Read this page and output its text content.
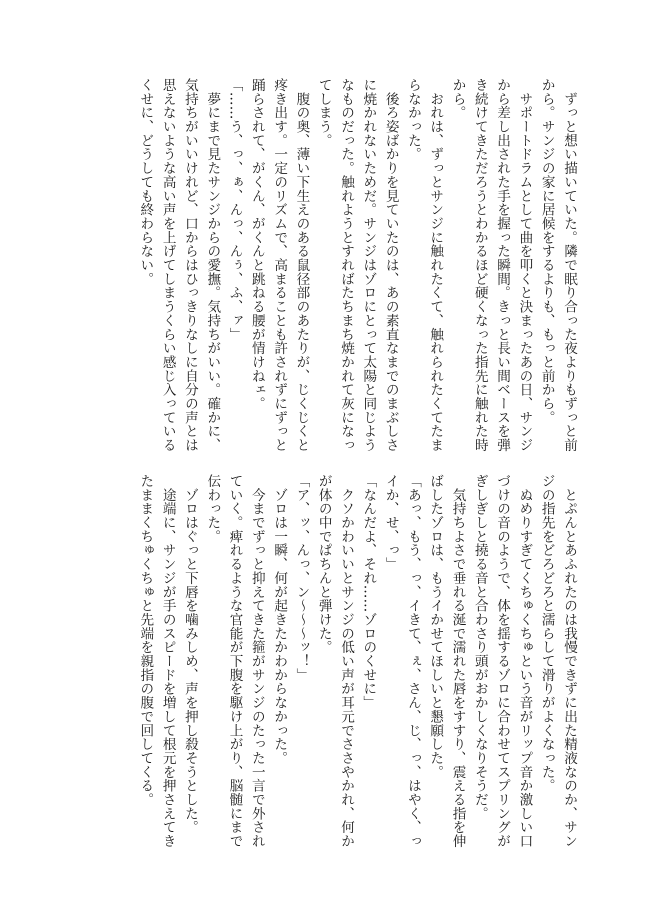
　ずっと想い描いていた。隣で眠り合った夜よりもずっと前
から。サンジの家に居候をするよりも、もっと前から。
　サポートドラムとして曲を叩くと決まったあの日、サンジ
から差し出された手を握った瞬間。きっと長い間ベースを弾
き続けてきただろうとわかるほど硬くなった指先に触れた時
から。
　おれは、ずっとサンジに触れたくて、触れられたくてたま
らなかった。
　後ろ姿ばかりを見ていたのは、あの素直なまでのまぶしさ
に焼かれないためだ。サンジはゾロにとって太陽と同じよう
なものだった。触れようとすればたちまち焼かれて灰になっ
てしまう。
　腹の奥、薄い下生えのある鼠径部のあたりが、じくじくと
疼き出す。一定のリズムで、高まることも許されずにずっと
踊らされて、がくん、がくんと跳ねる腰が情けねェ。
「……う、っ、ぁ、んっ、んぅ、ふ、ァ」
　夢にまで見たサンジからの愛撫。気持ちがいい。確かに、
気持ちがいいけれど、口からはひっきりなしに自分の声とは
思えないような高い声を上げてしまうくらい感じ入っている
くせに、どうしても終わらない。
　とぷんとあふれたのは我慢できずに出た精液なのか、サン
ジの指先をどろどろと濡らして滑りがよくなった。
　ぬめりすぎてくちゅくちゅという音がリップ音か激しい口
づけの音のようで、体を揺するゾロに合わせてスプリングが
ぎしぎしと撓る音と合わさり頭がおかしくなりそうだ。
　気持ちよさで垂れる涎で濡れた唇をすすり、震える指を伸
ばしたゾロは、もうイかせてほしいと懇願した。
「あっ、もう、っ、イきて、ぇ、さん、じ、っ、はやく、っ
イか、せ、っ」
「なんだよ、それ……ゾロのくせに」
　クソかわいいとサンジの低い声が耳元でささやかれ、何か
が体の中でぱちんと弾けた。
「ア、ッ、んっ、ン〜〜〜ッ！」
　ゾロは一瞬、何が起きたかわからなかった。
　今までずっと抑えてきた箍がサンジのたった一言で外され
ていく。痺れるような官能が下腹を駆け上がり、脳髄にまで
伝わった。
　ゾロはぐっと下唇を噛みしめ、声を押し殺そうとした。
　途端に、サンジが手のスピードを増して根元を押さえてき
たままくちゅくちゅと先端を親指の腹で回してくる。
